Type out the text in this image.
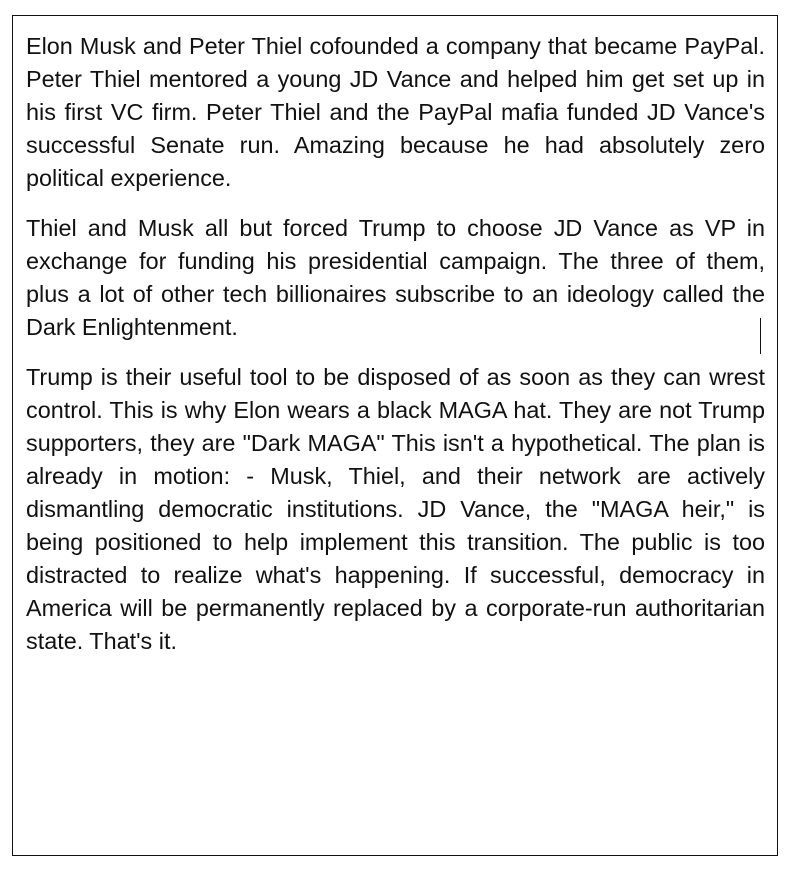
Elon Musk and Peter Thiel cofounded a company that became PayPal. Peter Thiel mentored a young JD Vance and helped him get set up in his first VC firm. Peter Thiel and the PayPal mafia funded JD Vance's successful Senate run. Amazing because he had absolutely zero political experience.

Thiel and Musk all but forced Trump to choose JD Vance as VP in exchange for funding his presidential campaign. The three of them, plus a lot of other tech billionaires subscribe to an ideology called the Dark Enlightenment.

Trump is their useful tool to be disposed of as soon as they can wrest control. This is why Elon wears a black MAGA hat. They are not Trump supporters, they are "Dark MAGA" This isn't a hypothetical. The plan is already in motion: - Musk, Thiel, and their network are actively dismantling democratic institutions. JD Vance, the "MAGA heir," is being positioned to help implement this transition. The public is too distracted to realize what's happening. If successful, democracy in America will be permanently replaced by a corporate-run authoritarian state. That's it.
